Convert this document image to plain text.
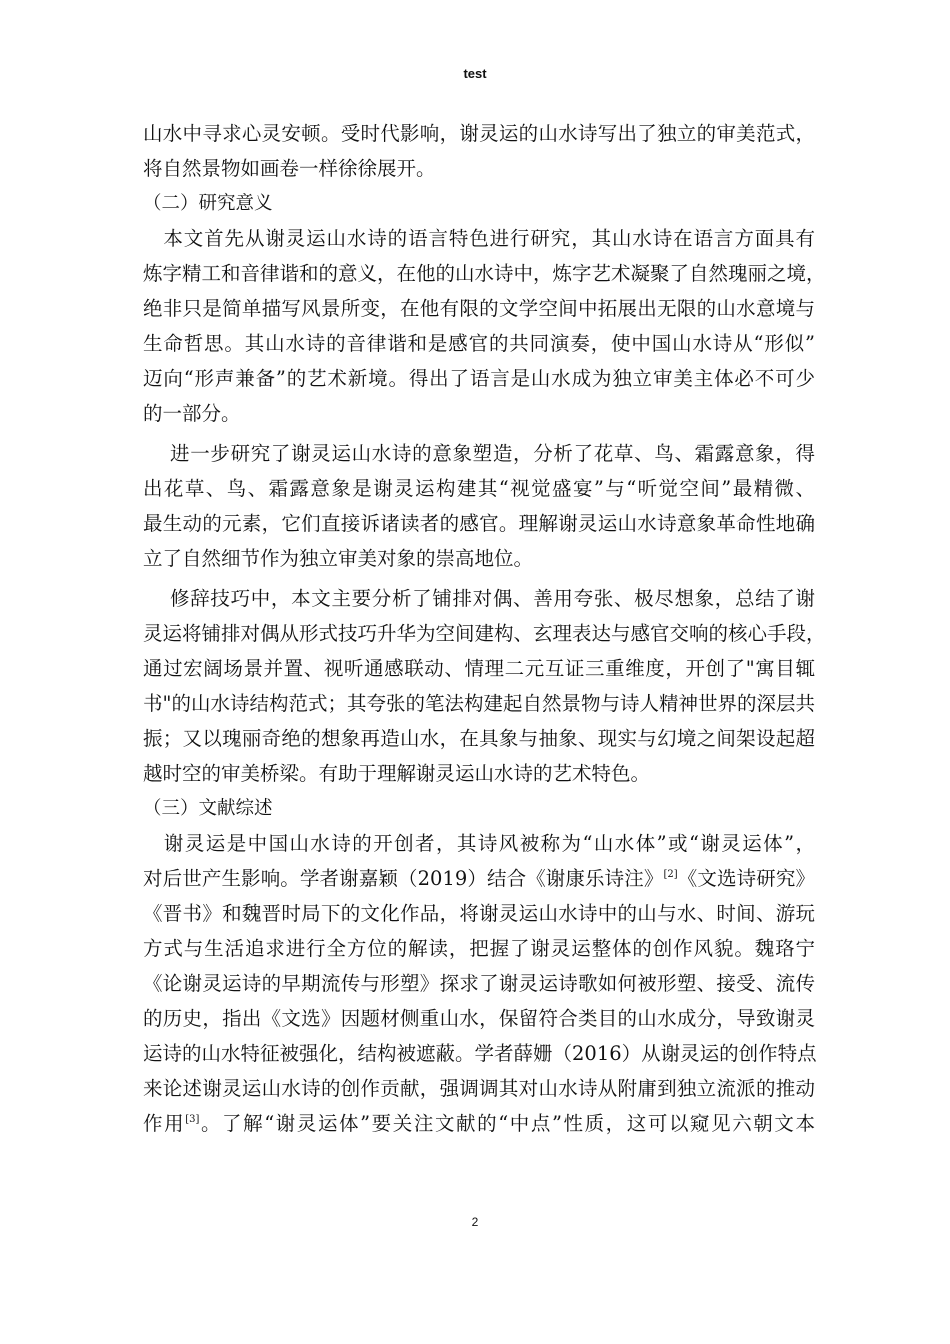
test
山水中寻求心灵安顿。受时代影响，谢灵运的山水诗写出了独立的审美范式，
将自然景物如画卷一样徐徐展开。
（二）研究意义
　本文首先从谢灵运山水诗的语言特色进行研究，其山水诗在语言方面具有
炼字精工和音律谐和的意义，在他的山水诗中，炼字艺术凝聚了自然瑰丽之境，
绝非只是简单描写风景所变，在他有限的文学空间中拓展出无限的山水意境与
生命哲思。其山水诗的音律谐和是感官的共同演奏，使中国山水诗从“形似”
迈向“形声兼备”的艺术新境。得出了语言是山水成为独立审美主体必不可少
的一部分。
　 进一步研究了谢灵运山水诗的意象塑造，分析了花草、鸟、霜露意象，得
出花草、鸟、霜露意象是谢灵运构建其“视觉盛宴”与“听觉空间”最精微、
最生动的元素，它们直接诉诸读者的感官。理解谢灵运山水诗意象革命性地确
立了自然细节作为独立审美对象的崇高地位。
　 修辞技巧中，本文主要分析了铺排对偶、善用夸张、极尽想象，总结了谢
灵运将铺排对偶从形式技巧升华为空间建构、玄理表达与感官交响的核心手段，
通过宏阔场景并置、视听通感联动、情理二元互证三重维度，开创了"寓目辄
书"的山水诗结构范式；其夸张的笔法构建起自然景物与诗人精神世界的深层共
振；又以瑰丽奇绝的想象再造山水，在具象与抽象、现实与幻境之间架设起超
越时空的审美桥梁。有助于理解谢灵运山水诗的艺术特色。
（三）文献综述
　谢灵运是中国山水诗的开创者，其诗风被称为“山水体”或“谢灵运体”，
对后世产生影响。学者谢嘉颖（2019）结合《谢康乐诗注》[2]《文选诗研究》
《晋书》和魏晋时局下的文化作品，将谢灵运山水诗中的山与水、时间、游玩
方式与生活追求进行全方位的解读，把握了谢灵运整体的创作风貌。魏珞宁
《论谢灵运诗的早期流传与形塑》探求了谢灵运诗歌如何被形塑、接受、流传
的历史，指出《文选》因题材侧重山水，保留符合类目的山水成分，导致谢灵
运诗的山水特征被强化，结构被遮蔽。学者薛姗（2016）从谢灵运的创作特点
来论述谢灵运山水诗的创作贡献，强调调其对山水诗从附庸到独立流派的推动
作用[3]。了解“谢灵运体”要关注文献的“中点”性质，这可以窥见六朝文本
2
